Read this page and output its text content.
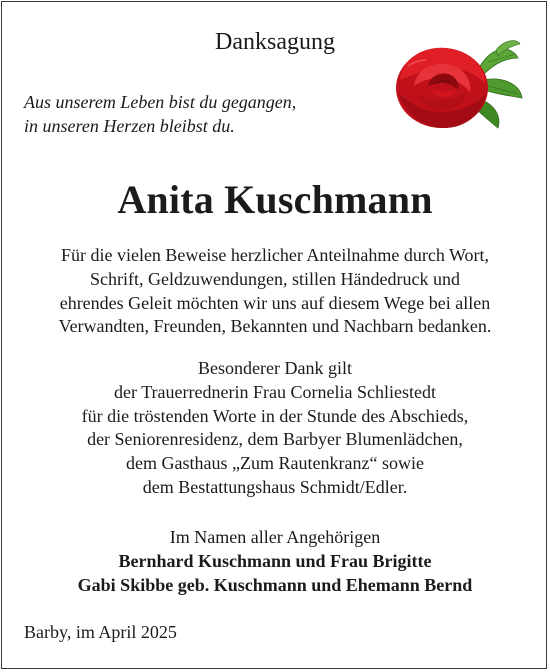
Danksagung
Aus unserem Leben bist du gegangen,
in unseren Herzen bleibst du.
Anita Kuschmann
Für die vielen Beweise herzlicher Anteilnahme durch Wort,
Schrift, Geldzuwendungen, stillen Händedruck und
ehrendes Geleit möchten wir uns auf diesem Wege bei allen
Verwandten, Freunden, Bekannten und Nachbarn bedanken.
Besonderer Dank gilt
der Trauerrednerin Frau Cornelia Schliestedt
für die tröstenden Worte in der Stunde des Abschieds,
der Seniorenresidenz, dem Barbyer Blumenlädchen,
dem Gasthaus „Zum Rautenkranz“ sowie
dem Bestattungshaus Schmidt/Edler.
Im Namen aller Angehörigen
Bernhard Kuschmann und Frau Brigitte
Gabi Skibbe geb. Kuschmann und Ehemann Bernd
Barby, im April 2025
